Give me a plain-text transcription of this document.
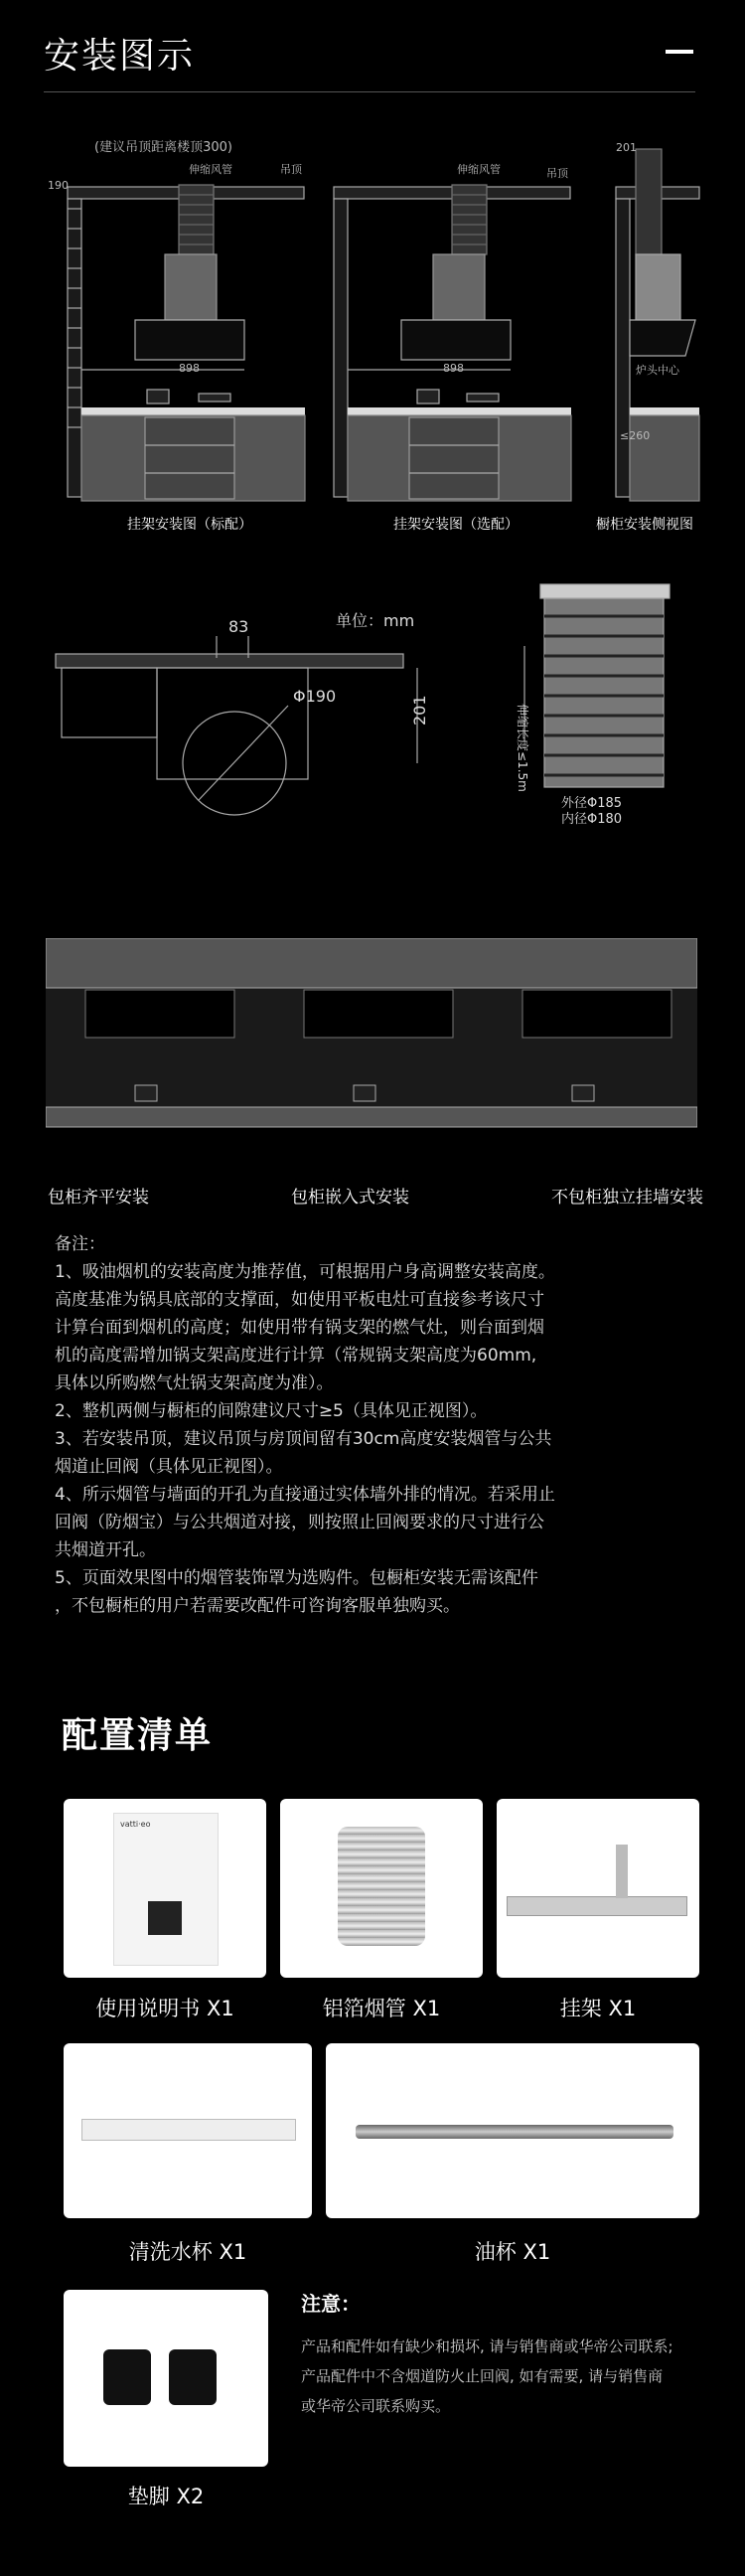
安装图示
(建议吊顶距离楼顶300)
伸缩风管	吊顶	伸缩风管	吊顶
201
190
898	898	炉头中心
≤260
挂架安装图（标配）	挂架安装图（选配）	橱柜安装侧视图
单位：mm
83
Φ190	201	伸缩长度≤1.5m
外径Φ185
内径Φ180
包柜齐平安装	包柜嵌入式安装	不包柜独立挂墙安装

备注：

1、吸油烟机的安装高度为推荐值，可根据用户身高调整安装高度。

高度基准为锅具底部的支撑面，如使用平板电灶可直接参考该尺寸

计算台面到烟机的高度；如使用带有锅支架的燃气灶，则台面到烟

机的高度需增加锅支架高度进行计算（常规锅支架高度为60mm,

具体以所购燃气灶锅支架高度为准）。

2、整机两侧与橱柜的间隙建议尺寸≥5（具体见正视图）。

3、若安装吊顶，建议吊顶与房顶间留有30cm高度安装烟管与公共

烟道止回阀（具体见正视图）。

4、所示烟管与墙面的开孔为直接通过实体墙外排的情况。若采用止

回阀（防烟宝）与公共烟道对接，则按照止回阀要求的尺寸进行公

共烟道开孔。

5、页面效果图中的烟管装饰罩为选购件。包橱柜安装无需该配件

，不包橱柜的用户若需要改配件可咨询客服单独购买。

配置清单
vatti·eo
使用说明书 X1	铝箔烟管 X1	挂架 X1
清洗水杯 X1	油杯 X1
垫脚 X2
注意：

产品和配件如有缺少和损坏, 请与销售商或华帝公司联系;

产品配件中不含烟道防火止回阀, 如有需要, 请与销售商

或华帝公司联系购买。
